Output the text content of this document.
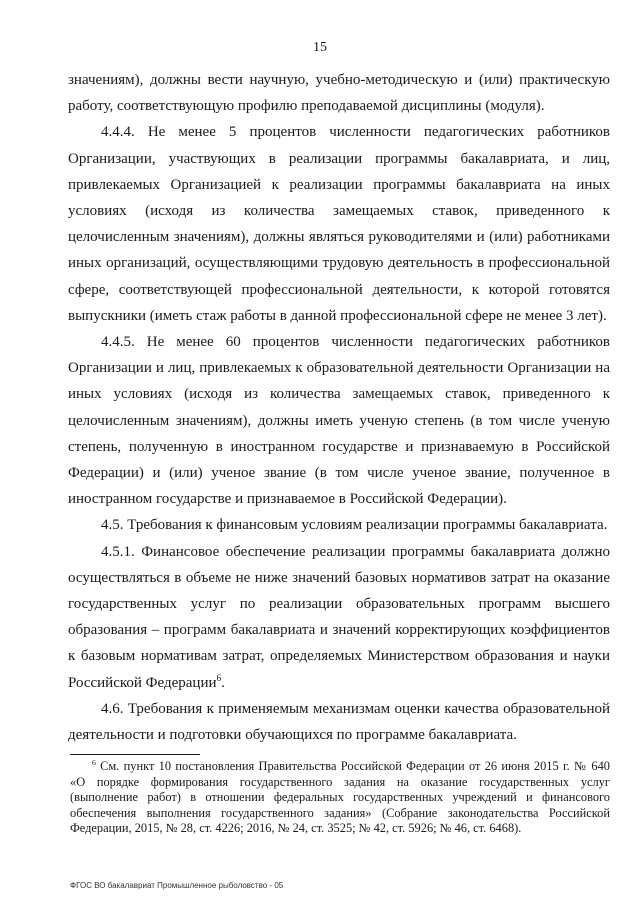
15

значениям), должны вести научную, учебно-методическую и (или) практическую работу, соответствующую профилю преподаваемой дисциплины (модуля).

4.4.4. Не менее 5 процентов численности педагогических работников Организации, участвующих в реализации программы бакалавриата, и лиц, привлекаемых Организацией к реализации программы бакалавриата на иных условиях (исходя из количества замещаемых ставок, приведенного к целочисленным значениям), должны являться руководителями и (или) работниками иных организаций, осуществляющими трудовую деятельность в профессиональной сфере, соответствующей профессиональной деятельности, к которой готовятся выпускники (иметь стаж работы в данной профессиональной сфере не менее 3 лет).

4.4.5. Не менее 60 процентов численности педагогических работников Организации и лиц, привлекаемых к образовательной деятельности Организации на иных условиях (исходя из количества замещаемых ставок, приведенного к целочисленным значениям), должны иметь ученую степень (в том числе ученую степень, полученную в иностранном государстве и признаваемую в Российской Федерации) и (или) ученое звание (в том числе ученое звание, полученное в иностранном государстве и признаваемое в Российской Федерации).

4.5. Требования к финансовым условиям реализации программы бакалавриата.

4.5.1. Финансовое обеспечение реализации программы бакалавриата должно осуществляться в объеме не ниже значений базовых нормативов затрат на оказание государственных услуг по реализации образовательных программ высшего образования – программ бакалавриата и значений корректирующих коэффициентов к базовым нормативам затрат, определяемых Министерством образования и науки Российской Федерации$^6$.

4.6. Требования к применяемым механизмам оценки качества образовательной деятельности и подготовки обучающихся по программе бакалавриата.

$^6$ См. пункт 10 постановления Правительства Российской Федерации от 26 июня 2015 г. № 640 «О порядке формирования государственного задания на оказание государственных услуг (выполнение работ) в отношении федеральных государственных учреждений и финансового обеспечения выполнения государственного задания» (Собрание законодательства Российской Федерации, 2015, № 28, ст. 4226; 2016, № 24, ст. 3525; № 42, ст. 5926; № 46, ст. 6468).

ФГОС ВО бакалавриат Промышленное рыболовство - 05
